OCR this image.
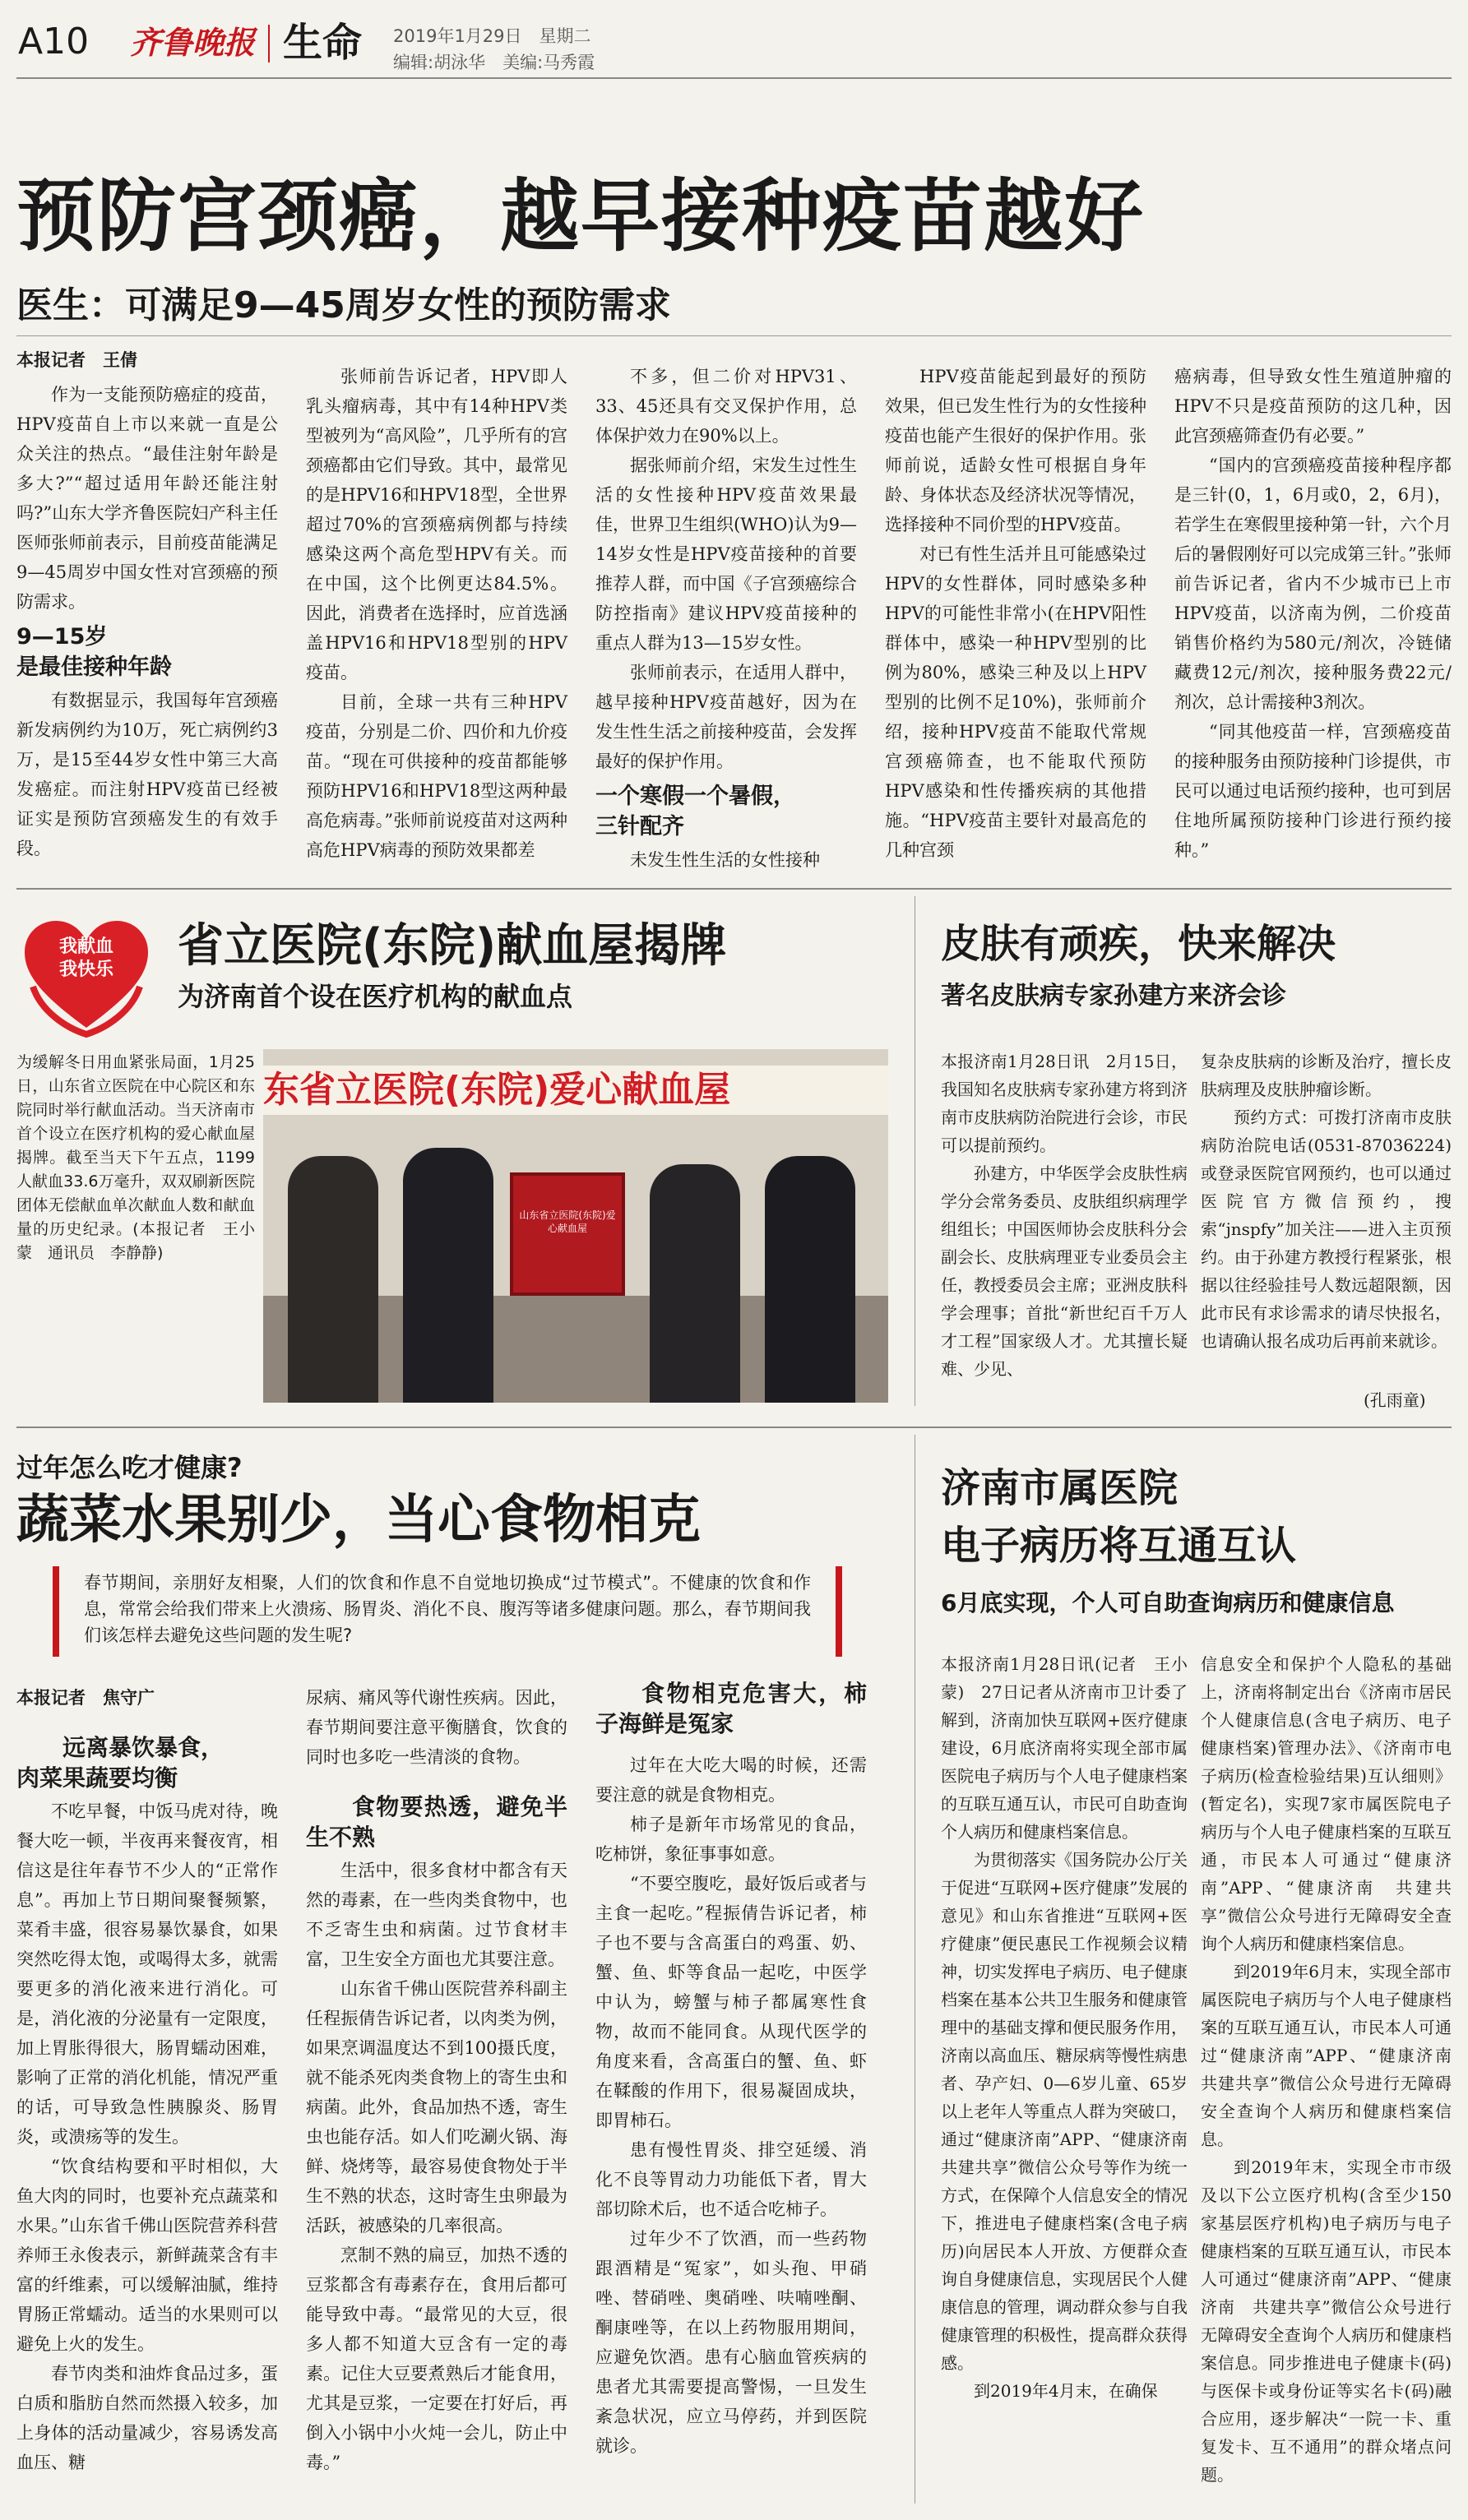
A10 齐鲁晚报 生命 2019年1月29日　星期二
编辑:胡泳华　美编:马秀霞
预防宫颈癌，越早接种疫苗越好
医生：可满足9—45周岁女性的预防需求
本报记者　王倩

作为一支能预防癌症的疫苗，HPV疫苗自上市以来就一直是公众关注的热点。“最佳注射年龄是多大?”“超过适用年龄还能注射吗?”山东大学齐鲁医院妇产科主任医师张师前表示，目前疫苗能满足9—45周岁中国女性对宫颈癌的预防需求。

9—15岁
是最佳接种年龄

有数据显示，我国每年宫颈癌新发病例约为10万，死亡病例约3万，是15至44岁女性中第三大高发癌症。而注射HPV疫苗已经被证实是预防宫颈癌发生的有效手段。

张师前告诉记者，HPV即人乳头瘤病毒，其中有14种HPV类型被列为“高风险”，几乎所有的宫颈癌都由它们导致。其中，最常见的是HPV16和HPV18型，全世界超过70%的宫颈癌病例都与持续感染这两个高危型HPV有关。而在中国，这个比例更达84.5%。因此，消费者在选择时，应首选涵盖HPV16和HPV18型别的HPV疫苗。

目前，全球一共有三种HPV疫苗，分别是二价、四价和九价疫苗。“现在可供接种的疫苗都能够预防HPV16和HPV18型这两种最高危病毒。”张师前说疫苗对这两种高危HPV病毒的预防效果都差

不多，但二价对HPV31、33、45还具有交叉保护作用，总体保护效力在90%以上。

据张师前介绍，宋发生过性生活的女性接种HPV疫苗效果最佳，世界卫生组织(WHO)认为9—14岁女性是HPV疫苗接种的首要推荐人群，而中国《子宫颈癌综合防控指南》建议HPV疫苗接种的重点人群为13—15岁女性。

张师前表示，在适用人群中，越早接种HPV疫苗越好，因为在发生性生活之前接种疫苗，会发挥最好的保护作用。

一个寒假一个暑假，
三针配齐

未发生性生活的女性接种

HPV疫苗能起到最好的预防效果，但已发生性行为的女性接种疫苗也能产生很好的保护作用。张师前说，适龄女性可根据自身年龄、身体状态及经济状况等情况，选择接种不同价型的HPV疫苗。

对已有性生活并且可能感染过HPV的女性群体，同时感染多种HPV的可能性非常小(在HPV阳性群体中，感染一种HPV型别的比例为80%，感染三种及以上HPV型别的比例不足10%)，张师前介绍，接种HPV疫苗不能取代常规宫颈癌筛查，也不能取代预防HPV感染和性传播疾病的其他措施。“HPV疫苗主要针对最高危的几种宫颈

癌病毒，但导致女性生殖道肿瘤的HPV不只是疫苗预防的这几种，因此宫颈癌筛查仍有必要。”

“国内的宫颈癌疫苗接种程序都是三针(0，1，6月或0，2，6月)，若学生在寒假里接种第一针，六个月后的暑假刚好可以完成第三针。”张师前告诉记者，省内不少城市已上市HPV疫苗，以济南为例，二价疫苗销售价格约为580元/剂次，冷链储藏费12元/剂次，接种服务费22元/剂次，总计需接种3剂次。

“同其他疫苗一样，宫颈癌疫苗的接种服务由预防接种门诊提供，市民可以通过电话预约接种，也可到居住地所属预防接种门诊进行预约接种。”

我献血
我快乐	省立医院(东院)献血屋揭牌
为济南首个设在医疗机构的献血点
为缓解冬日用血紧张局面，1月25日，山东省立医院在中心院区和东院同时举行献血活动。当天济南市首个设立在医疗机构的爱心献血屋揭牌。截至当天下午五点，1199人献血33.6万毫升，双双刷新医院团体无偿献血单次献血人数和献血量的历史纪录。(本报记者　王小蒙　通讯员　李静静)
东省立医院(东院)爱心献血屋
山东省立医院(东院)爱心献血屋
皮肤有顽疾，快来解决
著名皮肤病专家孙建方来济会诊

本报济南1月28日讯　2月15日，我国知名皮肤病专家孙建方将到济南市皮肤病防治院进行会诊，市民可以提前预约。

孙建方，中华医学会皮肤性病学分会常务委员、皮肤组织病理学组组长；中国医师协会皮肤科分会副会长、皮肤病理亚专业委员会主任，教授委员会主席；亚洲皮肤科学会理事；首批“新世纪百千万人才工程”国家级人才。尤其擅长疑难、少见、

复杂皮肤病的诊断及治疗，擅长皮肤病理及皮肤肿瘤诊断。

预约方式：可拨打济南市皮肤病防治院电话(0531-87036224)或登录医院官网预约，也可以通过医院官方微信预约，搜索“jnspfy”加关注——进入主页预约。由于孙建方教授行程紧张，根据以往经验挂号人数远超限额，因此市民有求诊需求的请尽快报名，也请确认报名成功后再前来就诊。

(孔雨童)
过年怎么吃才健康?
蔬菜水果别少，当心食物相克
春节期间，亲朋好友相聚，人们的饮食和作息不自觉地切换成“过节模式”。不健康的饮食和作息，常常会给我们带来上火溃疡、肠胃炎、消化不良、腹泻等诸多健康问题。那么，春节期间我们该怎样去避免这些问题的发生呢?
本报记者　焦守广
远离暴饮暴食，
肉菜果蔬要均衡

不吃早餐，中饭马虎对待，晚餐大吃一顿，半夜再来餐夜宵，相信这是往年春节不少人的“正常作息”。再加上节日期间聚餐频繁，菜肴丰盛，很容易暴饮暴食，如果突然吃得太饱，或喝得太多，就需要更多的消化液来进行消化。可是，消化液的分泌量有一定限度，加上胃胀得很大，肠胃蠕动困难，影响了正常的消化机能，情况严重的话，可导致急性胰腺炎、肠胃炎，或溃疡等的发生。

“饮食结构要和平时相似，大鱼大肉的同时，也要补充点蔬菜和水果。”山东省千佛山医院营养科营养师王永俊表示，新鲜蔬菜含有丰富的纤维素，可以缓解油腻，维持胃肠正常蠕动。适当的水果则可以避免上火的发生。

春节肉类和油炸食品过多，蛋白质和脂肪自然而然摄入较多，加上身体的活动量减少，容易诱发高血压、糖

尿病、痛风等代谢性疾病。因此，春节期间要注意平衡膳食，饮食的同时也多吃一些清淡的食物。

食物要热透，避免半生不熟

生活中，很多食材中都含有天然的毒素，在一些肉类食物中，也不乏寄生虫和病菌。过节食材丰富，卫生安全方面也尤其要注意。

山东省千佛山医院营养科副主任程振倩告诉记者，以肉类为例，如果烹调温度达不到100摄氏度，就不能杀死肉类食物上的寄生虫和病菌。此外，食品加热不透，寄生虫也能存活。如人们吃涮火锅、海鲜、烧烤等，最容易使食物处于半生不熟的状态，这时寄生虫卵最为活跃，被感染的几率很高。

烹制不熟的扁豆，加热不透的豆浆都含有毒素存在，食用后都可能导致中毒。“最常见的大豆，很多人都不知道大豆含有一定的毒素。记住大豆要煮熟后才能食用，尤其是豆浆，一定要在打好后，再倒入小锅中小火炖一会儿，防止中毒。”

食物相克危害大，柿子海鲜是冤家

过年在大吃大喝的时候，还需要注意的就是食物相克。

柿子是新年市场常见的食品，吃柿饼，象征事事如意。

“不要空腹吃，最好饭后或者与主食一起吃。”程振倩告诉记者，柿子也不要与含高蛋白的鸡蛋、奶、蟹、鱼、虾等食品一起吃，中医学中认为，螃蟹与柿子都属寒性食物，故而不能同食。从现代医学的角度来看，含高蛋白的蟹、鱼、虾在鞣酸的作用下，很易凝固成块，即胃柿石。

患有慢性胃炎、排空延缓、消化不良等胃动力功能低下者，胃大部切除术后，也不适合吃柿子。

过年少不了饮酒，而一些药物跟酒精是“冤家”，如头孢、甲硝唑、替硝唑、奥硝唑、呋喃唑酮、酮康唑等，在以上药物服用期间，应避免饮酒。患有心脑血管疾病的患者尤其需要提高警惕，一旦发生紊急状况，应立马停药，并到医院就诊。

济南市属医院
电子病历将互通互认
6月底实现，个人可自助查询病历和健康信息

本报济南1月28日讯(记者　王小蒙)　27日记者从济南市卫计委了解到，济南加快互联网+医疗健康建设，6月底济南将实现全部市属医院电子病历与个人电子健康档案的互联互通互认，市民可自助查询个人病历和健康档案信息。

为贯彻落实《国务院办公厅关于促进“互联网+医疗健康”发展的意见》和山东省推进“互联网+医疗健康”便民惠民工作视频会议精神，切实发挥电子病历、电子健康档案在基本公共卫生服务和健康管理中的基础支撑和便民服务作用，济南以高血压、糖尿病等慢性病患者、孕产妇、0—6岁儿童、65岁以上老年人等重点人群为突破口，通过“健康济南”APP、“健康济南　共建共享”微信公众号等作为统一方式，在保障个人信息安全的情况下，推进电子健康档案(含电子病历)向居民本人开放、方便群众查询自身健康信息，实现居民个人健康信息的管理，调动群众参与自我健康管理的积极性，提高群众获得感。

到2019年4月末，在确保

信息安全和保护个人隐私的基础上，济南将制定出台《济南市居民个人健康信息(含电子病历、电子健康档案)管理办法》、《济南市电子病历(检查检验结果)互认细则》(暂定名)，实现7家市属医院电子病历与个人电子健康档案的互联互通，市民本人可通过“健康济南”APP、“健康济南　共建共享”微信公众号进行无障碍安全查询个人病历和健康档案信息。

到2019年6月末，实现全部市属医院电子病历与个人电子健康档案的互联互通互认，市民本人可通过“健康济南”APP、“健康济南　共建共享”微信公众号进行无障碍安全查询个人病历和健康档案信息。

到2019年末，实现全市市级及以下公立医疗机构(含至少150家基层医疗机构)电子病历与电子健康档案的互联互通互认，市民本人可通过“健康济南”APP、“健康济南　共建共享”微信公众号进行无障碍安全查询个人病历和健康档案信息。同步推进电子健康卡(码)与医保卡或身份证等实名卡(码)融合应用，逐步解决“一院一卡、重复发卡、互不通用”的群众堵点问题。
